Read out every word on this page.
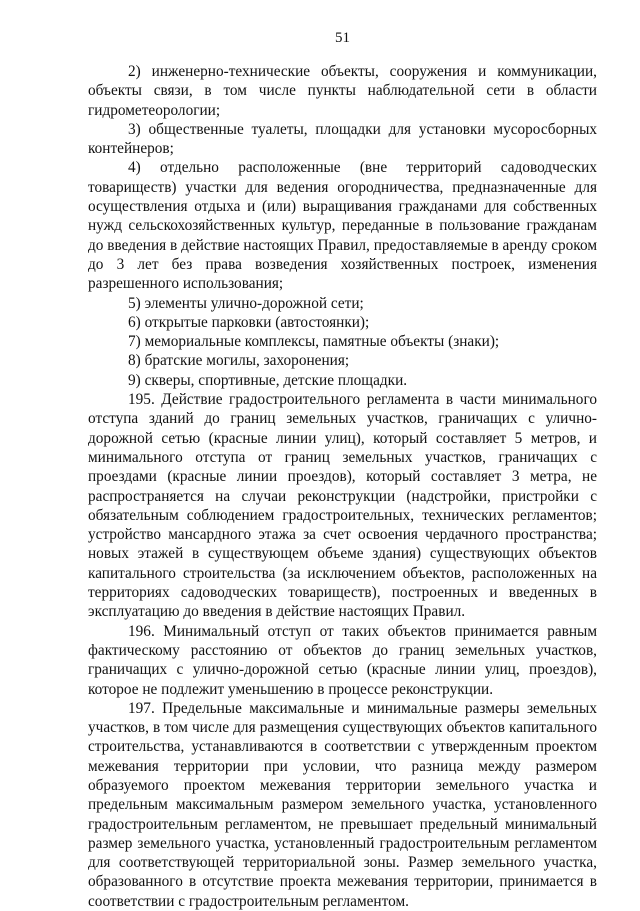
51

2) инженерно-технические объекты, сооружения и коммуникации, объекты связи, в том числе пункты наблюдательной сети в области гидрометеорологии;

3) общественные туалеты, площадки для установки мусоросборных контейнеров;

4) отдельно расположенные (вне территорий садоводческих товариществ) участки для ведения огородничества, предназначенные для осуществления отдыха и (или) выращивания гражданами для собственных нужд сельскохозяйственных культур, переданные в пользование гражданам до введения в действие настоящих Правил, предоставляемые в аренду сроком до 3 лет без права возведения хозяйственных построек, изменения разрешенного использования;

5) элементы улично-дорожной сети;

6) открытые парковки (автостоянки);

7) мемориальные комплексы, памятные объекты (знаки);

8) братские могилы, захоронения;

9) скверы, спортивные, детские площадки.

195. Действие градостроительного регламента в части минимального отступа зданий до границ земельных участков, граничащих с улично-дорожной сетью (красные линии улиц), который составляет 5 метров, и минимального отступа от границ земельных участков, граничащих с проездами (красные линии проездов), который составляет 3 метра, не распространяется на случаи реконструкции (надстройки, пристройки с обязательным соблюдением градостроительных, технических регламентов; устройство мансардного этажа за счет освоения чердачного пространства; новых этажей в существующем объеме здания) существующих объектов капитального строительства (за исключением объектов, расположенных на территориях садоводческих товариществ), построенных и введенных в эксплуатацию до введения в действие настоящих Правил.

196. Минимальный отступ от таких объектов принимается равным фактическому расстоянию от объектов до границ земельных участков, граничащих с улично-дорожной сетью (красные линии улиц, проездов), которое не подлежит уменьшению в процессе реконструкции.

197. Предельные максимальные и минимальные размеры земельных участков, в том числе для размещения существующих объектов капитального строительства, устанавливаются в соответствии с утвержденным проектом межевания территории при условии, что разница между размером образуемого проектом межевания территории земельного участка и предельным максимальным размером земельного участка, установленного градостроительным регламентом, не превышает предельный минимальный размер земельного участка, установленный градостроительным регламентом для соответствующей территориальной зоны. Размер земельного участка, образованного в отсутствие проекта межевания территории, принимается в соответствии с градостроительным регламентом.
